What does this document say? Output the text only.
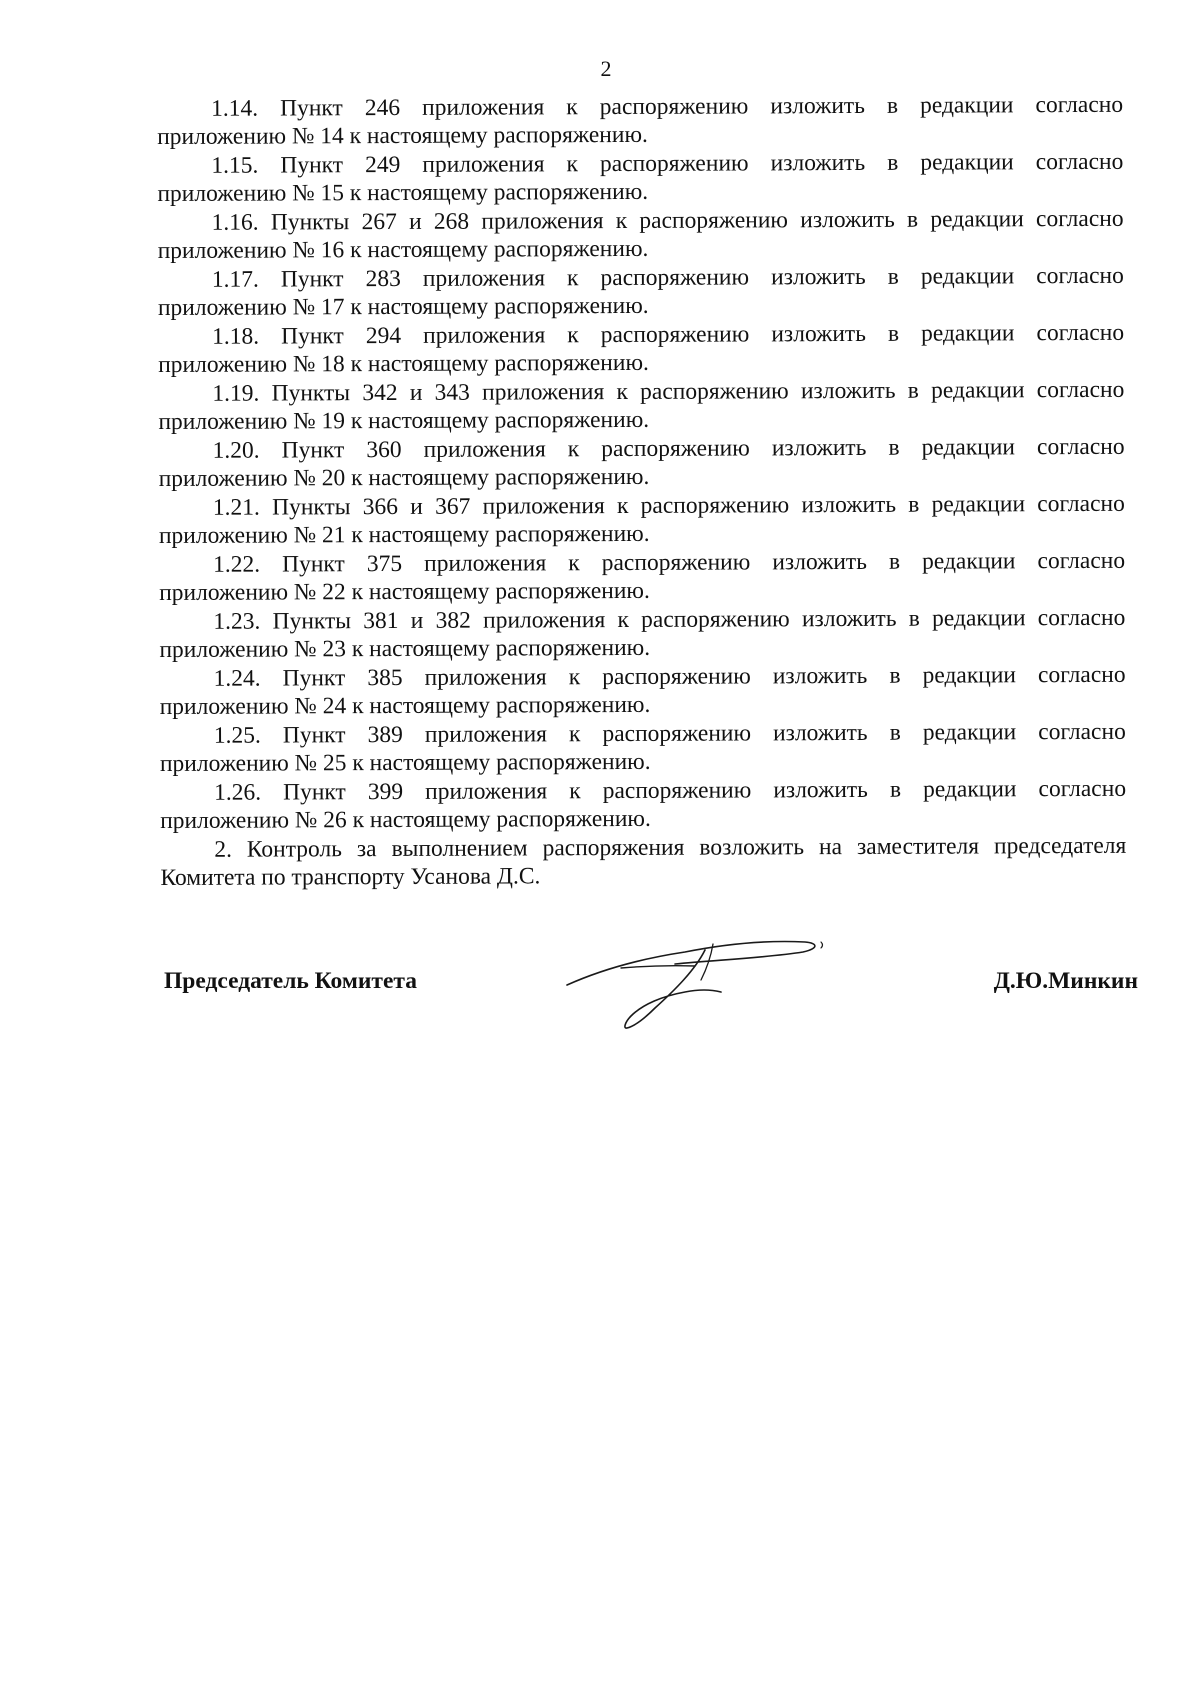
2

1.14. Пункт 246 приложения к распоряжению изложить в редакции согласно
приложению № 14 к настоящему распоряжению.

1.15. Пункт 249 приложения к распоряжению изложить в редакции согласно
приложению № 15 к настоящему распоряжению.

1.16. Пункты 267 и 268 приложения к распоряжению изложить в редакции согласно
приложению № 16 к настоящему распоряжению.

1.17. Пункт 283 приложения к распоряжению изложить в редакции согласно
приложению № 17 к настоящему распоряжению.

1.18. Пункт 294 приложения к распоряжению изложить в редакции согласно
приложению № 18 к настоящему распоряжению.

1.19. Пункты 342 и 343 приложения к распоряжению изложить в редакции согласно
приложению № 19 к настоящему распоряжению.

1.20. Пункт 360 приложения к распоряжению изложить в редакции согласно
приложению № 20 к настоящему распоряжению.

1.21. Пункты 366 и 367 приложения к распоряжению изложить в редакции согласно
приложению № 21 к настоящему распоряжению.

1.22. Пункт 375 приложения к распоряжению изложить в редакции согласно
приложению № 22 к настоящему распоряжению.

1.23. Пункты 381 и 382 приложения к распоряжению изложить в редакции согласно
приложению № 23 к настоящему распоряжению.

1.24. Пункт 385 приложения к распоряжению изложить в редакции согласно
приложению № 24 к настоящему распоряжению.

1.25. Пункт 389 приложения к распоряжению изложить в редакции согласно
приложению № 25 к настоящему распоряжению.

1.26. Пункт 399 приложения к распоряжению изложить в редакции согласно
приложению № 26 к настоящему распоряжению.

2. Контроль за выполнением распоряжения возложить на заместителя председателя Комитета по транспорту Усанова Д.С.

Председатель Комитета	Д.Ю.Минкин
